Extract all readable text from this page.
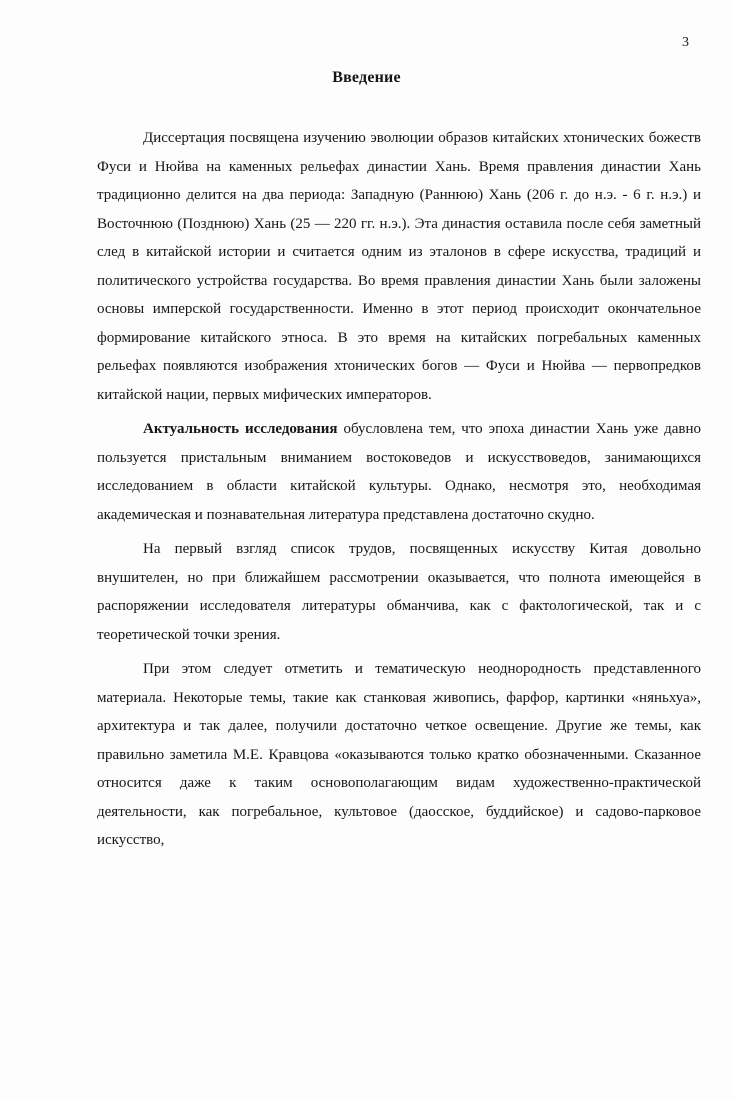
3
Введение

Диссертация посвящена изучению эволюции образов китайских хтонических божеств Фуси и Нюйва на каменных рельефах династии Хань. Время правления династии Хань традиционно делится на два периода: Западную (Раннюю) Хань (206 г. до н.э. - 6 г. н.э.) и Восточнюю (Позднюю) Хань (25 — 220 гг. н.э.). Эта династия оставила после себя заметный след в китайской истории и считается одним из эталонов в сфере искусства, традиций и политического устройства государства. Во время правления династии Хань были заложены основы имперской государственности. Именно в этот период происходит окончательное формирование китайского этноса. В это время на китайских погребальных каменных рельефах появляются изображения хтонических богов — Фуси и Нюйва — первопредков китайской нации, первых мифических императоров.

Актуальность исследования обусловлена тем, что эпоха династии Хань уже давно пользуется пристальным вниманием востоковедов и искусствоведов, занимающихся исследованием в области китайской культуры. Однако, несмотря это, необходимая академическая и познавательная литература представлена достаточно скудно.

На первый взгляд список трудов, посвященных искусству Китая довольно внушителен, но при ближайшем рассмотрении оказывается, что полнота имеющейся в распоряжении исследователя литературы обманчива, как с фактологической, так и с теоретической точки зрения.

При этом следует отметить и тематическую неоднородность представленного материала. Некоторые темы, такие как станковая живопись, фарфор, картинки «няньхуа», архитектура и так далее, получили достаточно четкое освещение. Другие же темы, как правильно заметила М.Е. Кравцова «оказываются только кратко обозначенными. Сказанное относится даже к таким основополагающим видам художественно-практической деятельности, как погребальное, культовое (даосское, буддийское) и садово-парковое искусство,
